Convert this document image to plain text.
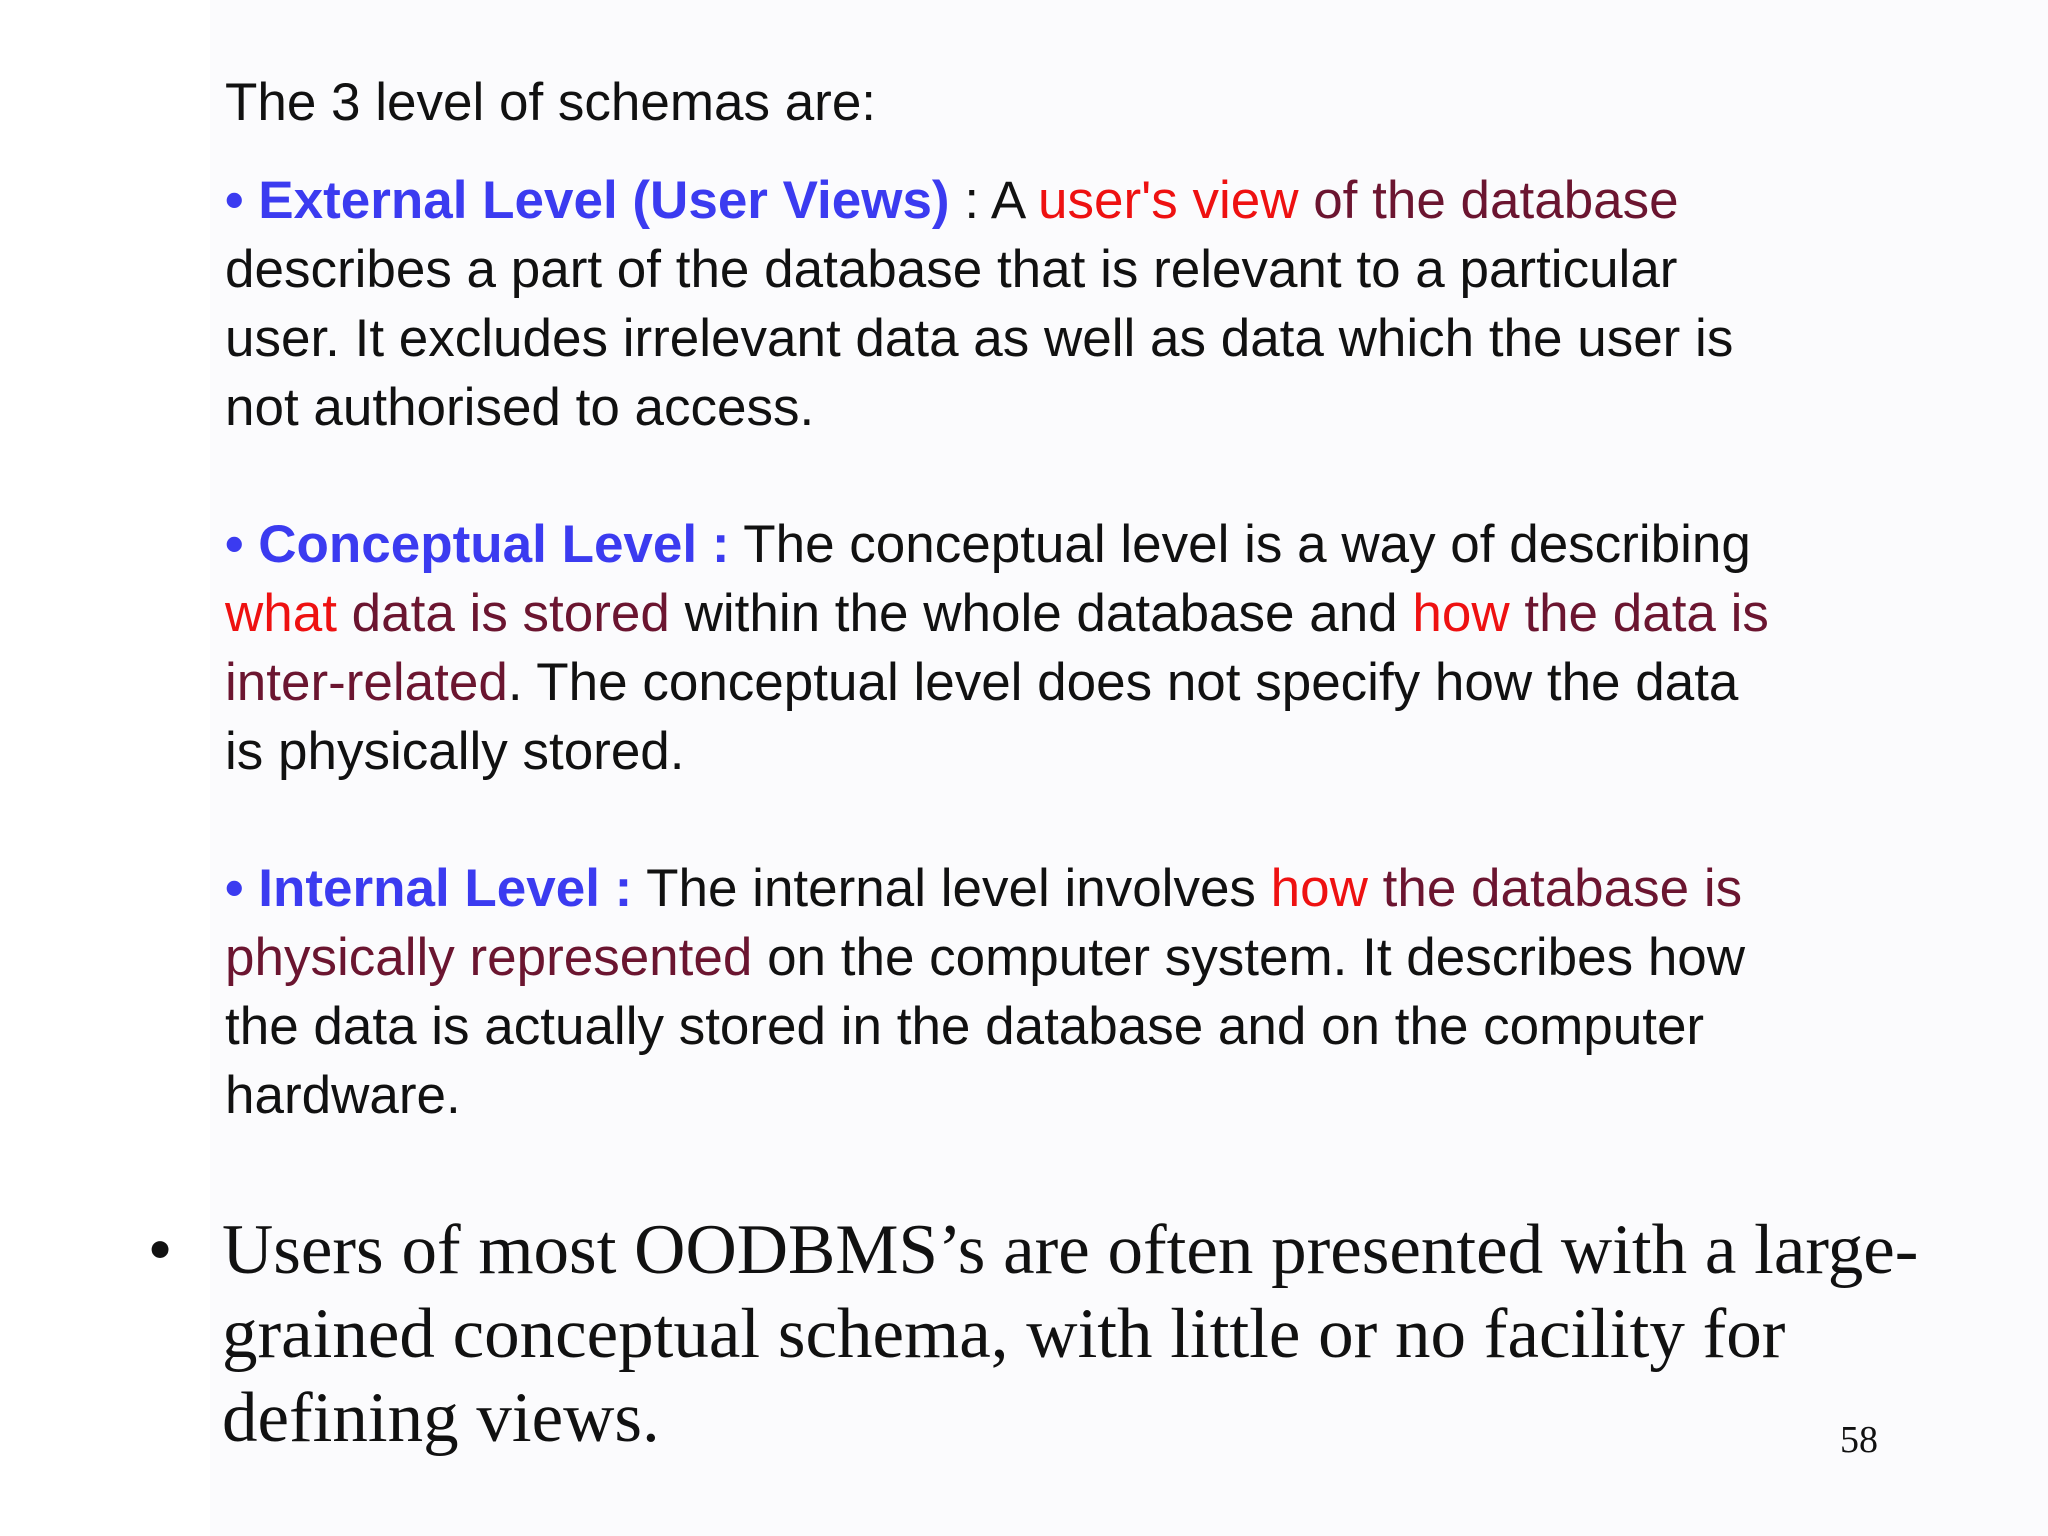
The 3 level of schemas are:
• External Level (User Views) : A user's view of the database
describes a part of the database that is relevant to a particular
user. It excludes irrelevant data as well as data which the user is
not authorised to access.
• Conceptual Level : The conceptual level is a way of describing
what data is stored within the whole database and how the data is
inter-related. The conceptual level does not specify how the data
is physically stored.
• Internal Level : The internal level involves how the database is
physically represented on the computer system. It describes how
the data is actually stored in the database and on the computer
hardware.
• Users of most OODBMS’s are often presented with a large-
grained conceptual schema, with little or no facility for
defining views.	58
